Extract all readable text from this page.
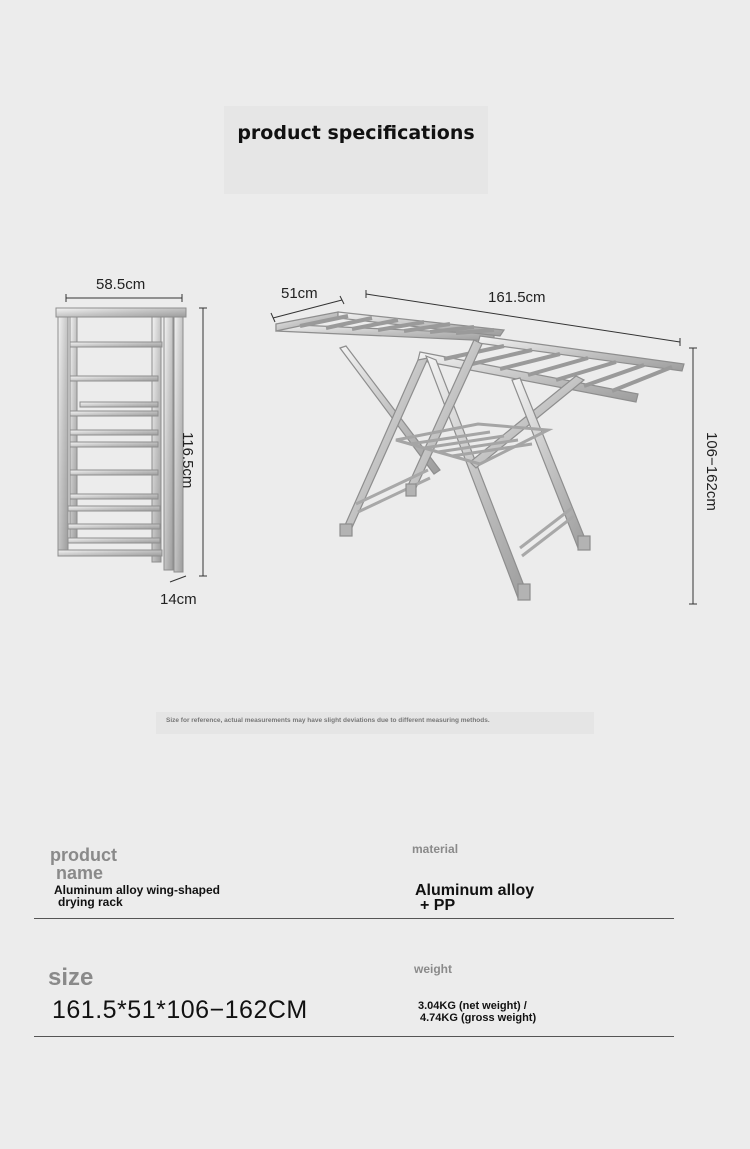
product specifications
58.5cm
14cm
116.5cm
51cm	161.5cm
106−162cm
Size for reference, actual measurements may have slight deviations due to different measuring methods.
product
name
Aluminum alloy wing-shaped
drying rack
material
Aluminum alloy
+ PP
size
161.5*51*106−162CM
weight
3.04KG (net weight) /
4.74KG (gross weight)
